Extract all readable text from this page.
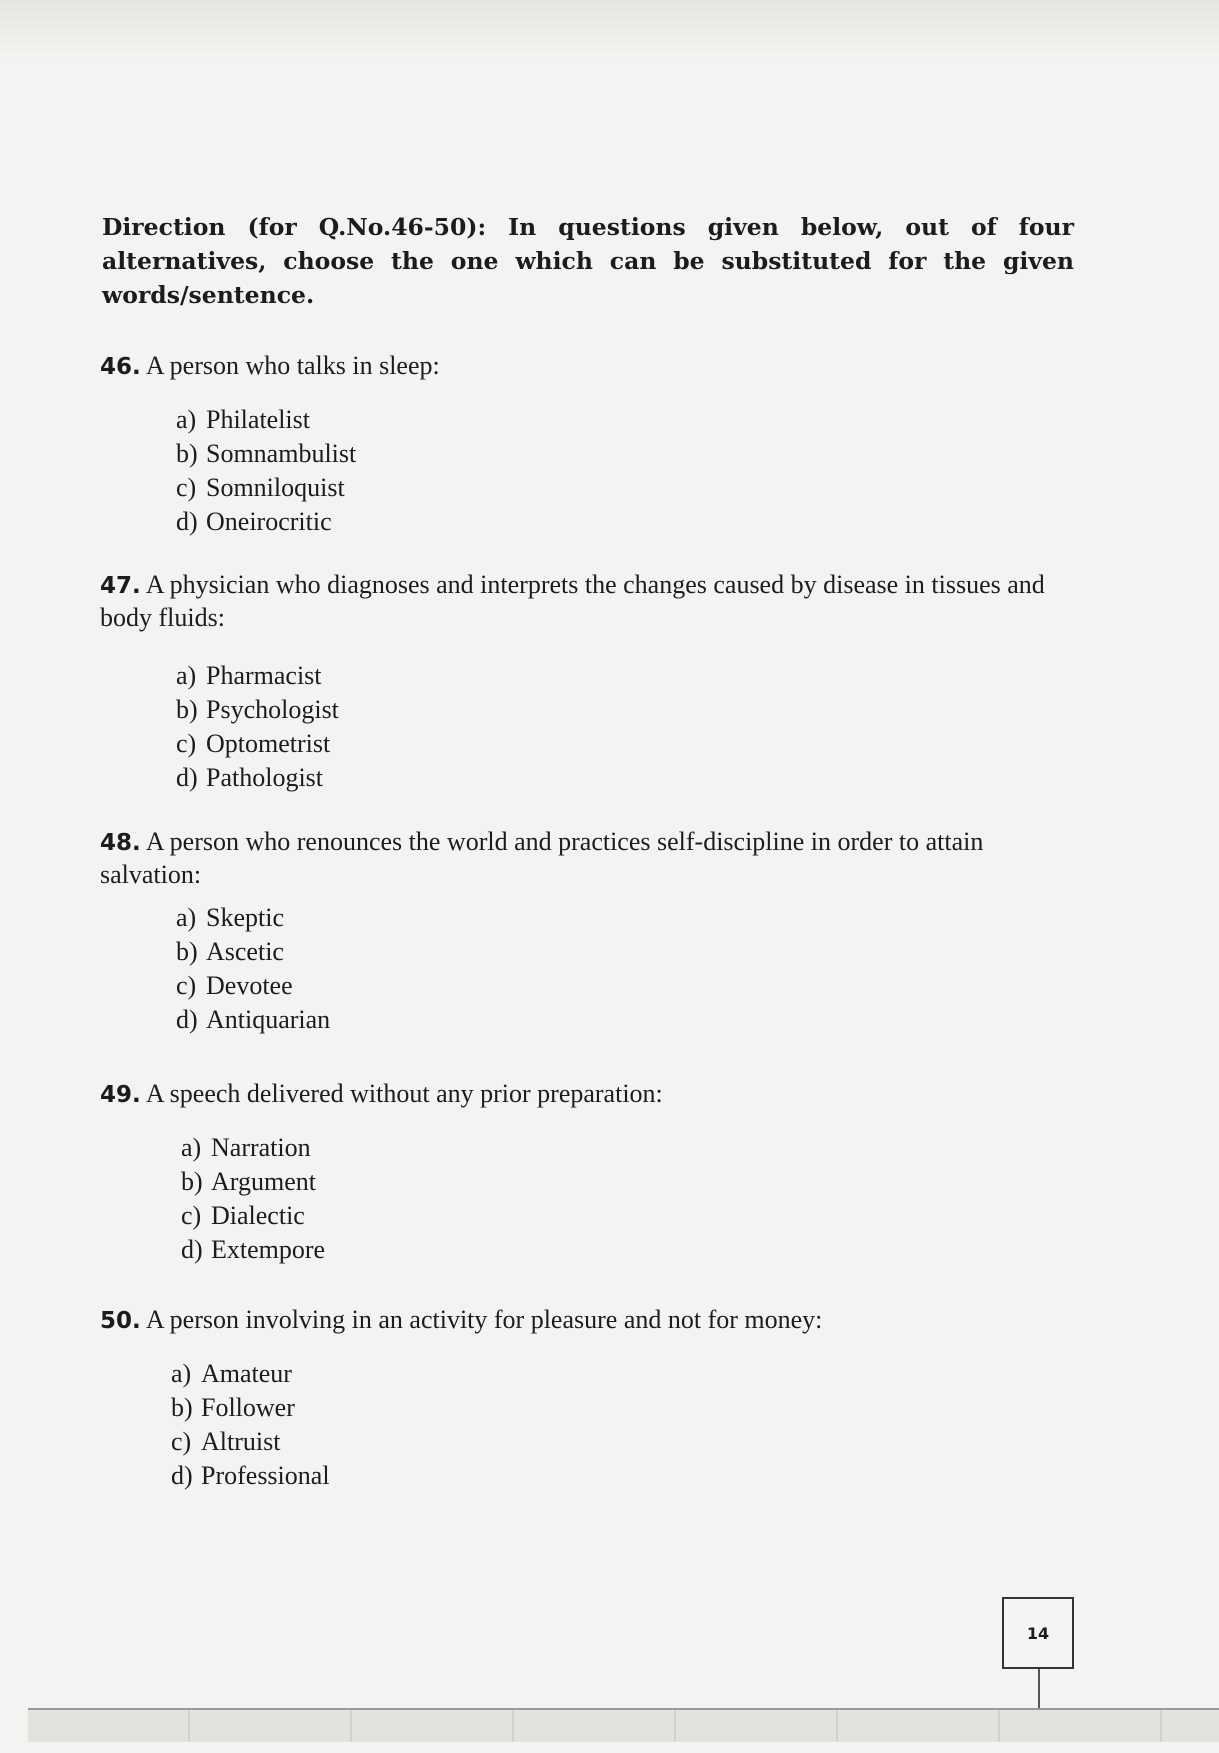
Direction (for Q.No.46-50): In questions given below, out of four alternatives, choose the one which can be substituted for the given words/sentence.
46. A person who talks in sleep:
a) Philatelist
b) Somnambulist
c) Somniloquist
d) Oneirocritic
47. A physician who diagnoses and interprets the changes caused by disease in tissues and body fluids:
a) Pharmacist
b) Psychologist
c) Optometrist
d) Pathologist
48. A person who renounces the world and practices self-discipline in order to attain salvation:
a) Skeptic
b) Ascetic
c) Devotee
d) Antiquarian
49. A speech delivered without any prior preparation:
a) Narration
b) Argument
c) Dialectic
d) Extempore
50. A person involving in an activity for pleasure and not for money:
a) Amateur
b) Follower
c) Altruist
d) Professional
14
